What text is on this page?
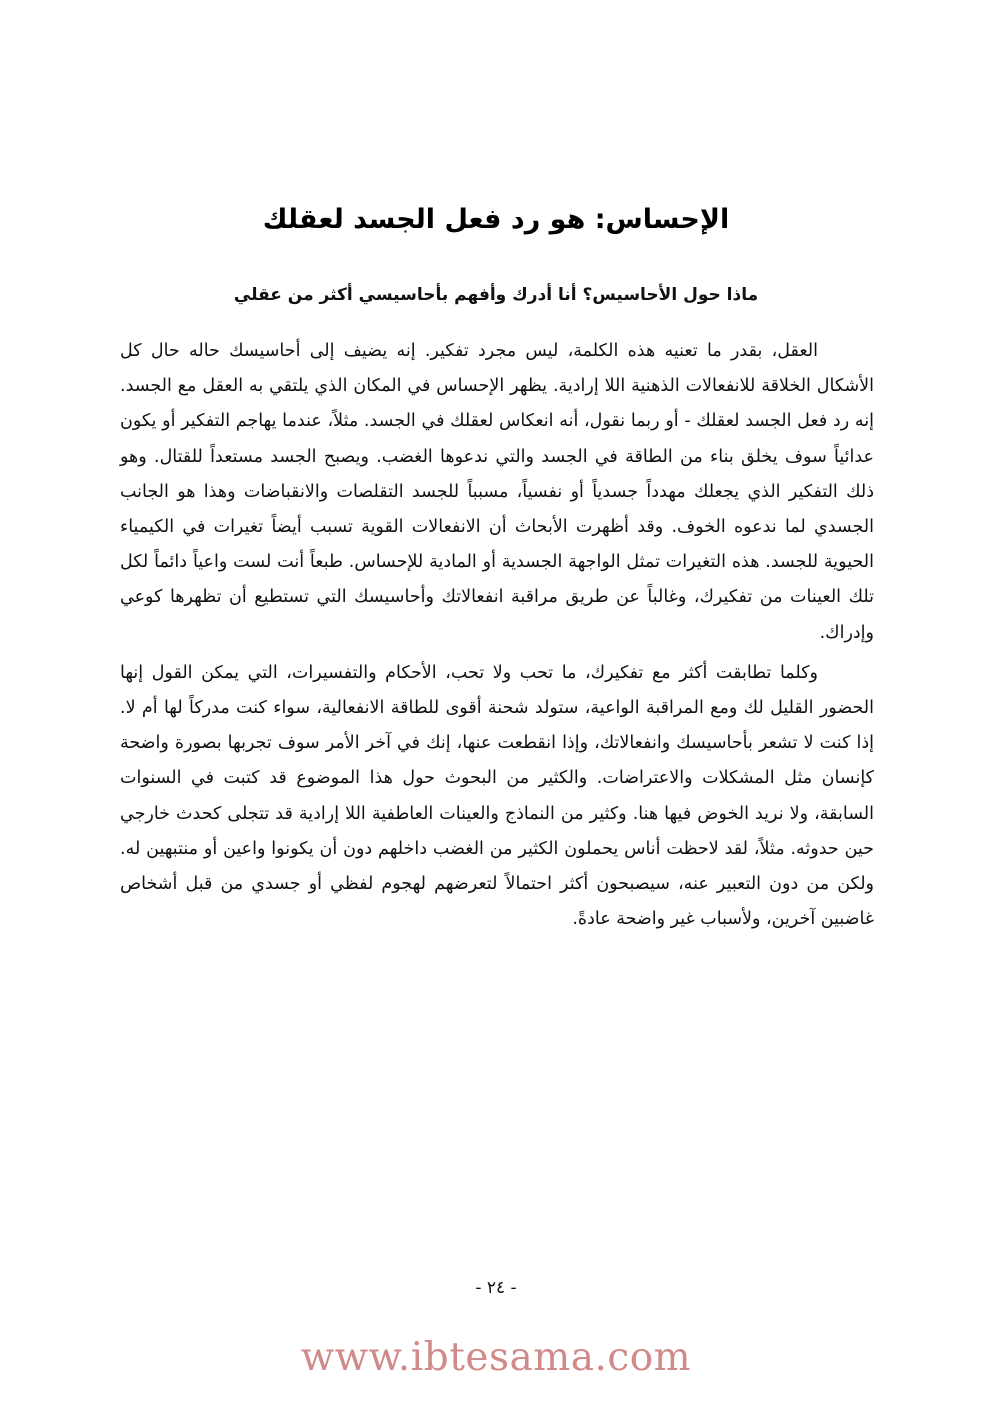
الإحساس: هو رد فعل الجسد لعقلك
ماذا حول الأحاسيس؟ أنا أدرك وأفهم بأحاسيسي أكثر من عقلي

العقل، بقدر ما تعنيه هذه الكلمة، ليس مجرد تفكير. إنه يضيف إلى أحاسيسك حاله حال كل الأشكال الخلاقة للانفعالات الذهنية اللا إرادية. يظهر الإحساس في المكان الذي يلتقي به العقل مع الجسد. إنه رد فعل الجسد لعقلك - أو ربما نقول، أنه انعكاس لعقلك في الجسد. مثلاً، عندما يهاجم التفكير أو يكون عدائياً سوف يخلق بناء من الطاقة في الجسد والتي ندعوها الغضب. ويصبح الجسد مستعداً للقتال. وهو ذلك التفكير الذي يجعلك مهدداً جسدياً أو نفسياً، مسبباً للجسد التقلصات والانقباضات وهذا هو الجانب الجسدي لما ندعوه الخوف. وقد أظهرت الأبحاث أن الانفعالات القوية تسبب أيضاً تغيرات في الكيمياء الحيوية للجسد. هذه التغيرات تمثل الواجهة الجسدية أو المادية للإحساس. طبعاً أنت لست واعياً دائماً لكل تلك العينات من تفكيرك، وغالباً عن طريق مراقبة انفعالاتك وأحاسيسك التي تستطيع أن تظهرها كوعي وإدراك.

وكلما تطابقت أكثر مع تفكيرك، ما تحب ولا تحب، الأحكام والتفسيرات، التي يمكن القول إنها الحضور القليل لك ومع المراقبة الواعية، ستولد شحنة أقوى للطاقة الانفعالية، سواء كنت مدركاً لها أم لا. إذا كنت لا تشعر بأحاسيسك وانفعالاتك، وإذا انقطعت عنها، إنك في آخر الأمر سوف تجربها بصورة واضحة كإنسان مثل المشكلات والاعتراضات. والكثير من البحوث حول هذا الموضوع قد كتبت في السنوات السابقة، ولا نريد الخوض فيها هنا. وكثير من النماذج والعينات العاطفية اللا إرادية قد تتجلى كحدث خارجي حين حدوثه. مثلاً، لقد لاحظت أناس يحملون الكثير من الغضب داخلهم دون أن يكونوا واعين أو منتبهين له. ولكن من دون التعبير عنه، سيصبحون أكثر احتمالاً لتعرضهم لهجوم لفظي أو جسدي من قبل أشخاص غاضبين آخرين، ولأسباب غير واضحة عادةً.

- ٢٤ -
www.ibtesama.com
